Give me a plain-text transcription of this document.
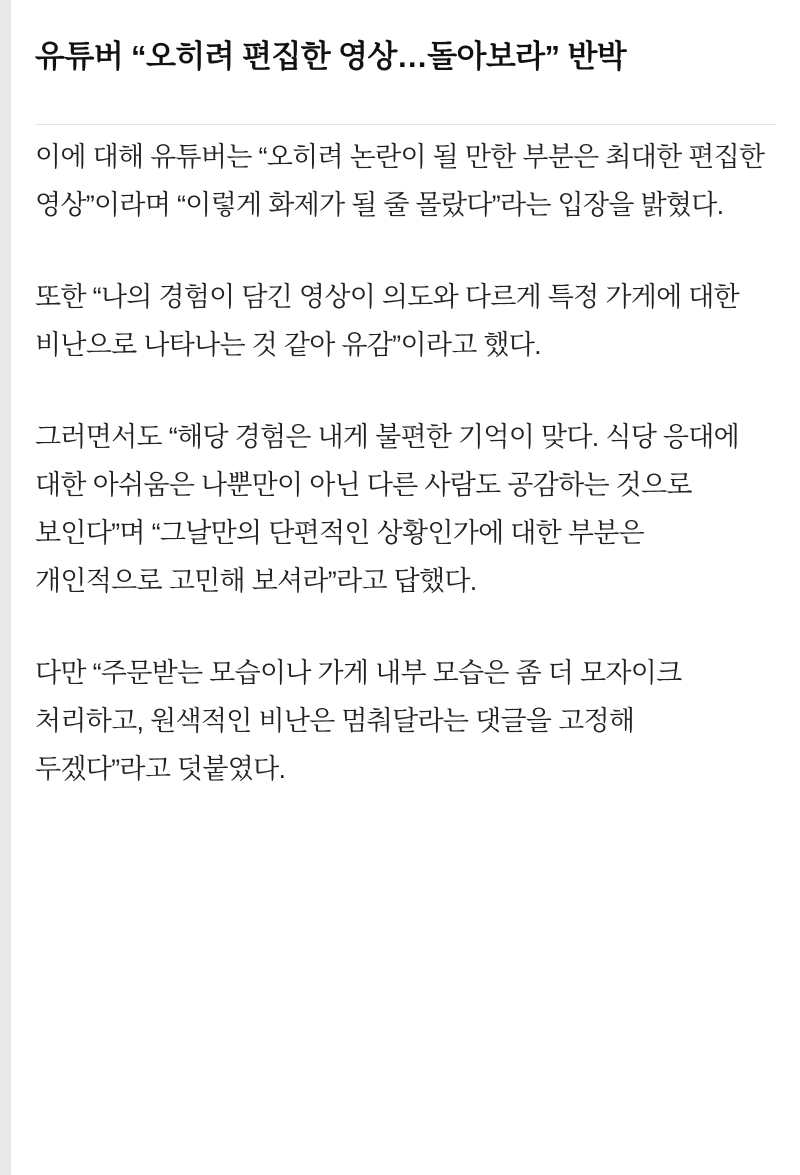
유튜버 “오히려 편집한 영상…돌아보라” 반박

이에 대해 유튜버는 “오히려 논란이 될 만한 부분은 최대한 편집한 영상”이라며 “이렇게 화제가 될 줄 몰랐다”라는 입장을 밝혔다.

또한 “나의 경험이 담긴 영상이 의도와 다르게 특정 가게에 대한 비난으로 나타나는 것 같아 유감”이라고 했다.

그러면서도 “해당 경험은 내게 불편한 기억이 맞다. 식당 응대에 대한 아쉬움은 나뿐만이 아닌 다른 사람도 공감하는 것으로 보인다”며 “그날만의 단편적인 상황인가에 대한 부분은 개인적으로 고민해 보셔라”라고 답했다.

다만 “주문받는 모습이나 가게 내부 모습은 좀 더 모자이크 처리하고, 원색적인 비난은 멈춰달라는 댓글을 고정해 두겠다”라고 덧붙였다.
